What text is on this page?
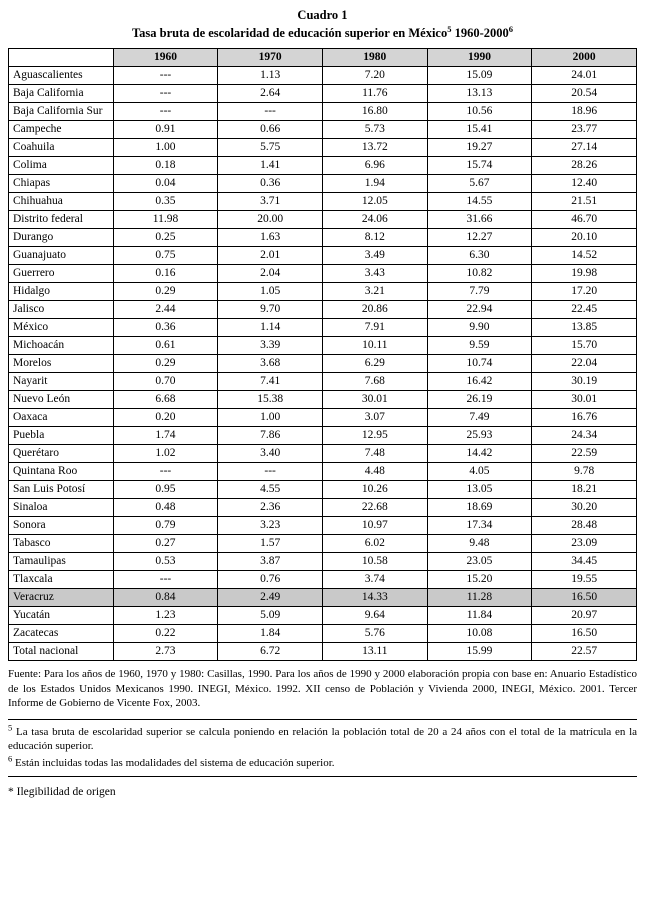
Cuadro 1
Tasa bruta de escolaridad de educación superior en México$^5$ 1960-2000$^6$
	1960	1970	1980	1990	2000
Aguascalientes	---	1.13	7.20	15.09	24.01
Baja California	---	2.64	11.76	13.13	20.54
Baja California Sur	---	---	16.80	10.56	18.96
Campeche	0.91	0.66	5.73	15.41	23.77
Coahuila	1.00	5.75	13.72	19.27	27.14
Colima	0.18	1.41	6.96	15.74	28.26
Chiapas	0.04	0.36	1.94	5.67	12.40
Chihuahua	0.35	3.71	12.05	14.55	21.51
Distrito federal	11.98	20.00	24.06	31.66	46.70
Durango	0.25	1.63	8.12	12.27	20.10
Guanajuato	0.75	2.01	3.49	6.30	14.52
Guerrero	0.16	2.04	3.43	10.82	19.98
Hidalgo	0.29	1.05	3.21	7.79	17.20
Jalisco	2.44	9.70	20.86	22.94	22.45
México	0.36	1.14	7.91	9.90	13.85
Michoacán	0.61	3.39	10.11	9.59	15.70
Morelos	0.29	3.68	6.29	10.74	22.04
Nayarit	0.70	7.41	7.68	16.42	30.19
Nuevo León	6.68	15.38	30.01	26.19	30.01
Oaxaca	0.20	1.00	3.07	7.49	16.76
Puebla	1.74	7.86	12.95	25.93	24.34
Querétaro	1.02	3.40	7.48	14.42	22.59
Quintana Roo	---	---	4.48	4.05	9.78
San Luis Potosí	0.95	4.55	10.26	13.05	18.21
Sinaloa	0.48	2.36	22.68	18.69	30.20
Sonora	0.79	3.23	10.97	17.34	28.48
Tabasco	0.27	1.57	6.02	9.48	23.09
Tamaulipas	0.53	3.87	10.58	23.05	34.45
Tlaxcala	---	0.76	3.74	15.20	19.55
Veracruz	0.84	2.49	14.33	11.28	16.50
Yucatán	1.23	5.09	9.64	11.84	20.97
Zacatecas	0.22	1.84	5.76	10.08	16.50
Total nacional	2.73	6.72	13.11	15.99	22.57
Fuente: Para los años de 1960, 1970 y 1980: Casillas, 1990. Para los años de 1990 y 2000 elaboración propia con base en: Anuario Estadístico de los Estados Unidos Mexicanos 1990. INEGI, México. 1992. XII censo de Población y Vivienda 2000, INEGI, México. 2001. Tercer Informe de Gobierno de Vicente Fox, 2003.

$^5$ La tasa bruta de escolaridad superior se calcula poniendo en relación la población total de 20 a 24 años con el total de la matrícula en la educación superior.

$^6$ Están incluidas todas las modalidades del sistema de educación superior.

* Ilegibilidad de origen
